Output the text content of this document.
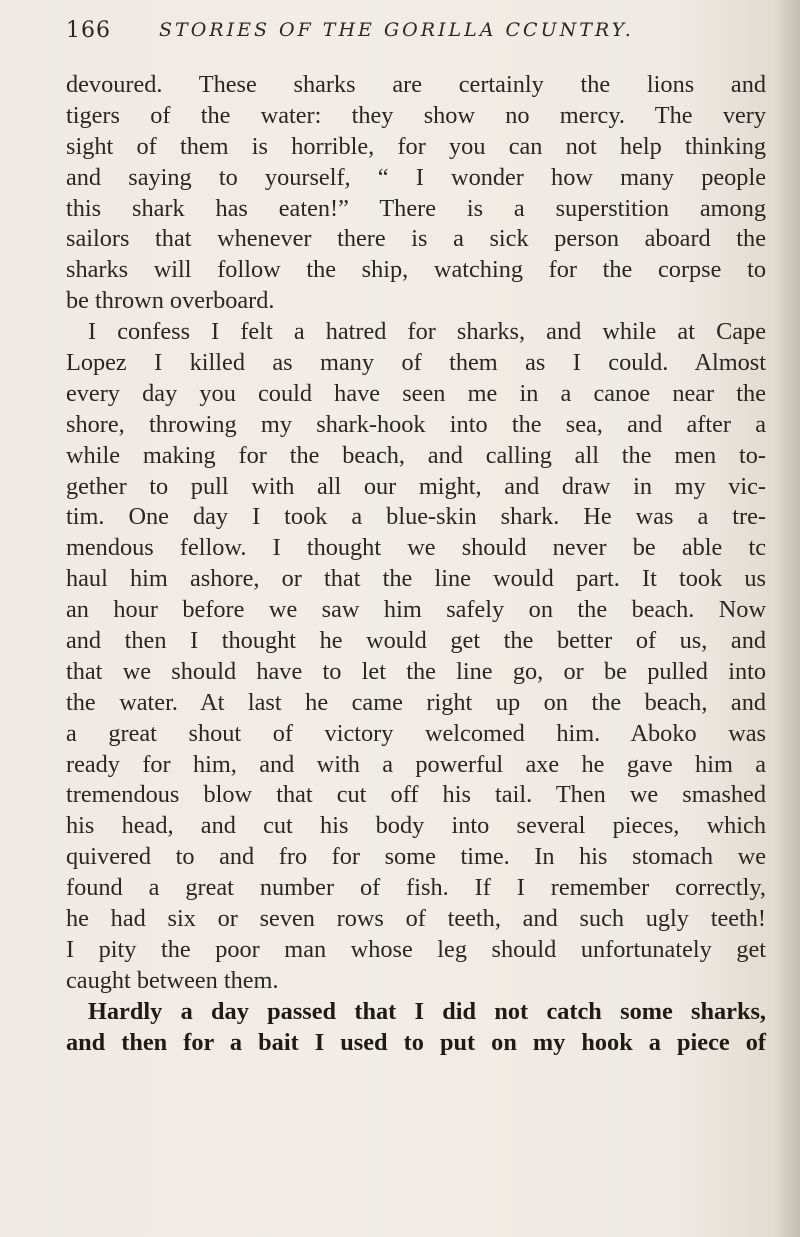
166	STORIES OF THE GORILLA CCUNTRY.
devoured. These sharks are certainly the lions and
tigers of the water: they show no mercy. The very
sight of them is horrible, for you can not help thinking
and saying to yourself, “ I wonder how many people
this shark has eaten!” There is a superstition among
sailors that whenever there is a sick person aboard the
sharks will follow the ship, watching for the corpse to
be thrown overboard.
I confess I felt a hatred for sharks, and while at Cape
Lopez I killed as many of them as I could. Almost
every day you could have seen me in a canoe near the
shore, throwing my shark-hook into the sea, and after a
while making for the beach, and calling all the men to-
gether to pull with all our might, and draw in my vic-
tim. One day I took a blue-skin shark. He was a tre-
mendous fellow. I thought we should never be able tc
haul him ashore, or that the line would part. It took us
an hour before we saw him safely on the beach. Now
and then I thought he would get the better of us, and
that we should have to let the line go, or be pulled into
the water. At last he came right up on the beach, and
a great shout of victory welcomed him. Aboko was
ready for him, and with a powerful axe he gave him a
tremendous blow that cut off his tail. Then we smashed
his head, and cut his body into several pieces, which
quivered to and fro for some time. In his stomach we
found a great number of fish. If I remember correctly,
he had six or seven rows of teeth, and such ugly teeth!
I pity the poor man whose leg should unfortunately get
caught between them.
Hardly a day passed that I did not catch some sharks,
and then for a bait I used to put on my hook a piece of
